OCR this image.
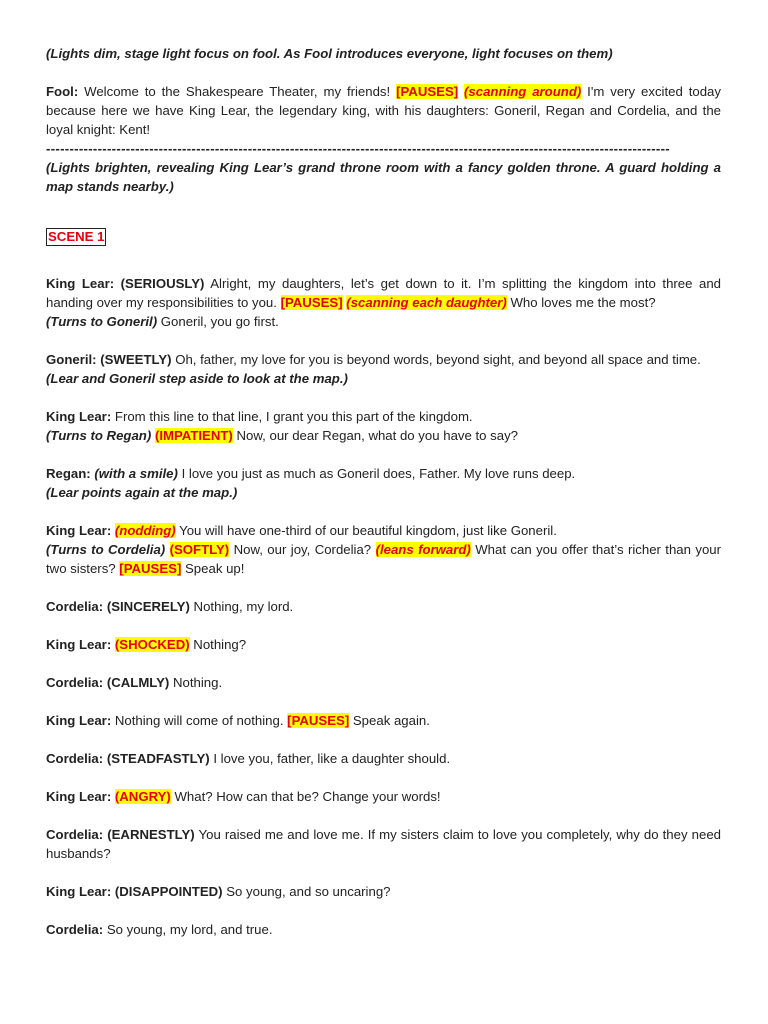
(Lights dim, stage light focus on fool. As Fool introduces everyone, light focuses on them)

Fool: Welcome to the Shakespeare Theater, my friends! [PAUSES] (scanning around) I'm very excited today because here we have King Lear, the legendary king, with his daughters: Goneril, Regan and Cordelia, and the loyal knight: Kent!

-------------------------------------------------------------------------------------------------------------------------------------

(Lights brighten, revealing King Lear’s grand throne room with a fancy golden throne. A guard holding a map stands nearby.)

SCENE 1

King Lear: (SERIOUSLY) Alright, my daughters, let’s get down to it. I’m splitting the kingdom into three and handing over my responsibilities to you. [PAUSES] (scanning each daughter) Who loves me the most?
(Turns to Goneril) Goneril, you go first.

Goneril: (SWEETLY) Oh, father, my love for you is beyond words, beyond sight, and beyond all space and time.
(Lear and Goneril step aside to look at the map.)

King Lear: From this line to that line, I grant you this part of the kingdom.
(Turns to Regan) (IMPATIENT) Now, our dear Regan, what do you have to say?

Regan: (with a smile) I love you just as much as Goneril does, Father. My love runs deep.
(Lear points again at the map.)

King Lear: (nodding) You will have one-third of our beautiful kingdom, just like Goneril.
(Turns to Cordelia) (SOFTLY) Now, our joy, Cordelia? (leans forward) What can you offer that’s richer than your two sisters? [PAUSES] Speak up!

Cordelia: (SINCERELY) Nothing, my lord.

King Lear: (SHOCKED) Nothing?

Cordelia: (CALMLY) Nothing.

King Lear: Nothing will come of nothing. [PAUSES] Speak again.

Cordelia: (STEADFASTLY) I love you, father, like a daughter should.

King Lear: (ANGRY) What? How can that be? Change your words!

Cordelia: (EARNESTLY) You raised me and love me. If my sisters claim to love you completely, why do they need husbands?

King Lear: (DISAPPOINTED) So young, and so uncaring?

Cordelia: So young, my lord, and true.
